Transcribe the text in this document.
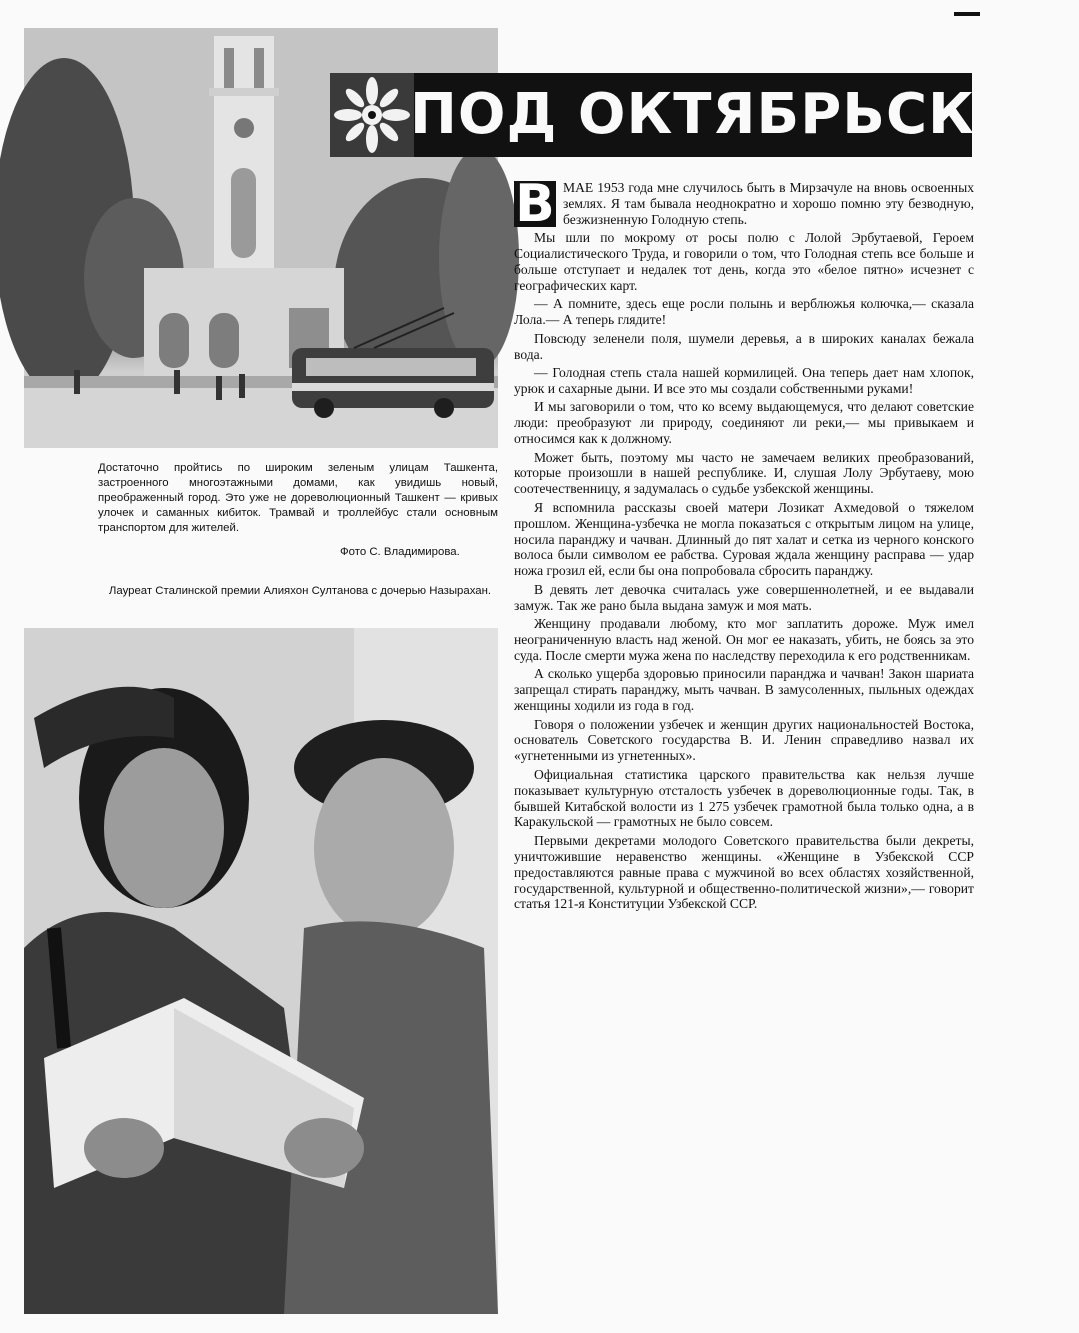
Достаточно пройтись по широким зеленым улицам Ташкента, застроенного многоэтажными домами, как увидишь новый, преображенный город. Это уже не дореволюционный Ташкент — кривых улочек и саманных кибиток. Трамвай и троллейбус стали основным транспортом для жителей.
Фото С. Владимирова.
Лауреат Сталинской премии Алияхон Султанова с дочерью Назырахан.
ПОД ОКТЯБРЬСКИМ

В МАЕ 1953 года мне случилось быть в Мирзачуле на вновь освоенных землях. Я там бывала неоднократно и хорошо помню эту безводную, безжизненную Голодную степь.

Мы шли по мокрому от росы полю с Лолой Эрбутаевой, Героем Социалистического Труда, и говорили о том, что Голодная степь все больше и больше отступает и недалек тот день, когда это «белое пятно» исчезнет с географических карт.

— А помните, здесь еще росли полынь и верблюжья колючка,— сказала Лола.— А теперь глядите!

Повсюду зеленели поля, шумели деревья, а в широких каналах бежала вода.

— Голодная степь стала нашей кормилицей. Она теперь дает нам хлопок, урюк и сахарные дыни. И все это мы создали собственными руками!

И мы заговорили о том, что ко всему выдающемуся, что делают советские люди: преобразуют ли природу, соединяют ли реки,— мы привыкаем и относимся как к должному.

Может быть, поэтому мы часто не замечаем великих преобразований, которые произошли в нашей республике. И, слушая Лолу Эрбутаеву, мою соотечественницу, я задумалась о судьбе узбекской женщины.

Я вспомнила рассказы своей матери Лозикат Ахмедовой о тяжелом прошлом. Женщина-узбечка не могла показаться с открытым лицом на улице, носила паранджу и чачван. Длинный до пят халат и сетка из черного конского волоса были символом ее рабства. Суровая ждала женщину расправа — удар ножа грозил ей, если бы она попробовала сбросить паранджу.

В девять лет девочка считалась уже совершеннолетней, и ее выдавали замуж. Так же рано была выдана замуж и моя мать.

Женщину продавали любому, кто мог заплатить дороже. Муж имел неограниченную власть над женой. Он мог ее наказать, убить, не боясь за это суда. После смерти мужа жена по наследству переходила к его родственникам.

А сколько ущерба здоровью приносили паранджа и чачван! Закон шариата запрещал стирать паранджу, мыть чачван. В замусоленных, пыльных одеждах женщины ходили из года в год.

Говоря о положении узбечек и женщин других национальностей Востока, основатель Советского государства В. И. Ленин справедливо назвал их «угнетенными из угнетенных».

Официальная статистика царского правительства как нельзя лучше показывает культурную отсталость узбечек в дореволюционные годы. Так, в бывшей Китабской волости из 1 275 узбечек грамотной была только одна, а в Каракульской — грамотных не было совсем.

Первыми декретами молодого Советского правительства были декреты, уничтожившие неравенство женщины. «Женщине в Узбекской ССР предоставляются равные права с мужчиной во всех областях хозяйственной, государственной, культурной и общественно-политической жизни»,— говорит статья 121-я Конституции Узбекской ССР.
